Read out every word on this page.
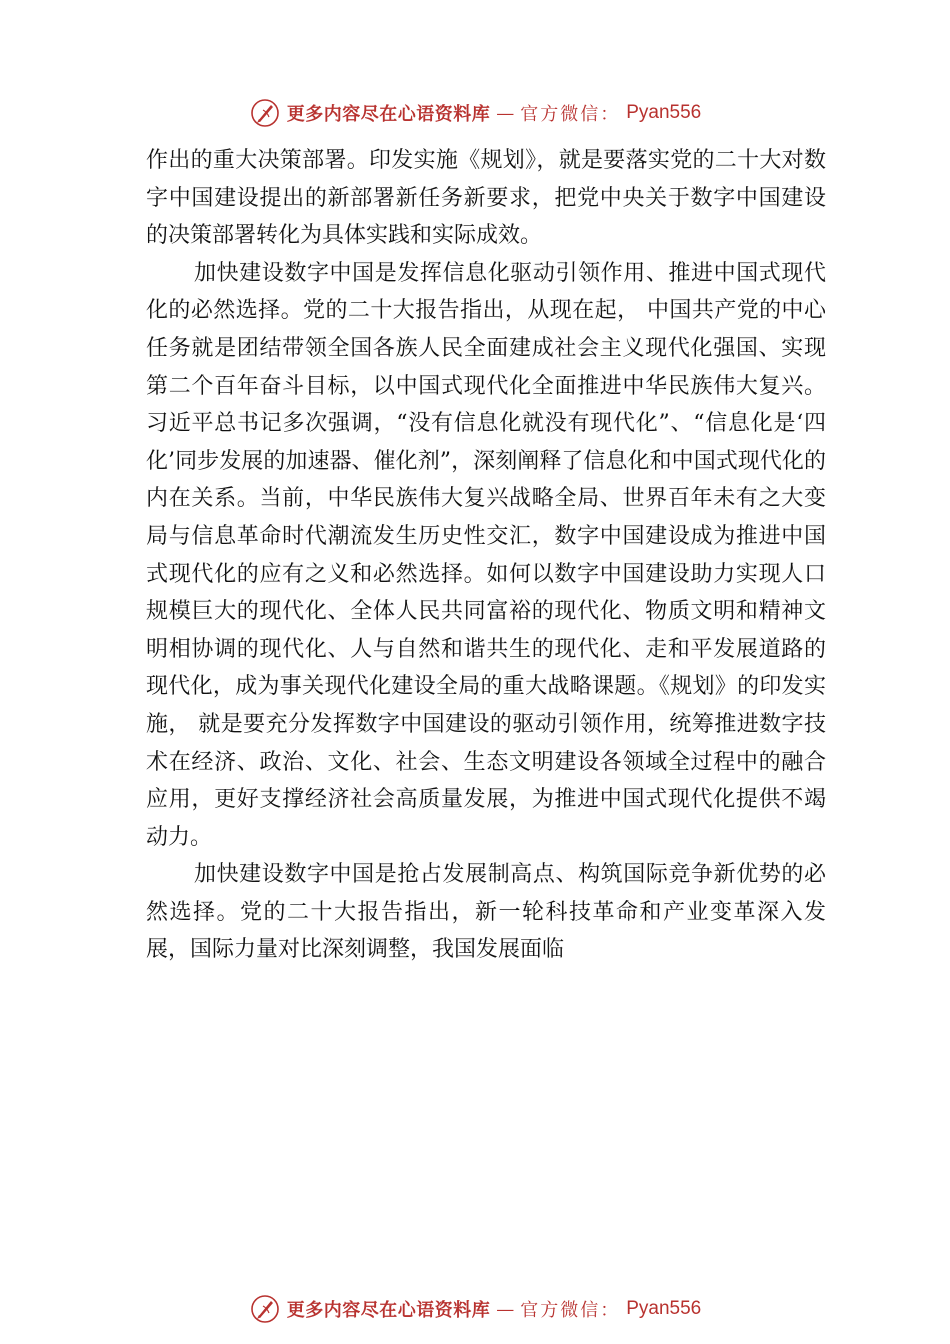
更多内容尽在心语资料库 — 官方微信： Pyan556

作出的重大决策部署。印发实施《规划》，就是要落实党的二十大对数字中国建设提出的新部署新任务新要求，把党中央关于数字中国建设的决策部署转化为具体实践和实际成效。

加快建设数字中国是发挥信息化驱动引领作用、推进中国式现代化的必然选择。党的二十大报告指出，从现在起， 中国共产党的中心任务就是团结带领全国各族人民全面建成社会主义现代化强国、实现第二个百年奋斗目标，以中国式现代化全面推进中华民族伟大复兴。习近平总书记多次强调，“没有信息化就没有现代化”、“信息化是‘四化’同步发展的加速器、催化剂”，深刻阐释了信息化和中国式现代化的内在关系。当前，中华民族伟大复兴战略全局、世界百年未有之大变局与信息革命时代潮流发生历史性交汇，数字中国建设成为推进中国式现代化的应有之义和必然选择。如何以数字中国建设助力实现人口规模巨大的现代化、全体人民共同富裕的现代化、物质文明和精神文明相协调的现代化、人与自然和谐共生的现代化、走和平发展道路的现代化，成为事关现代化建设全局的重大战略课题。《规划》的印发实施， 就是要充分发挥数字中国建设的驱动引领作用，统筹推进数字技术在经济、政治、文化、社会、生态文明建设各领域全过程中的融合应用，更好支撑经济社会高质量发展，为推进中国式现代化提供不竭动力。

加快建设数字中国是抢占发展制高点、构筑国际竞争新优势的必然选择。党的二十大报告指出，新一轮科技革命和产业变革深入发展，国际力量对比深刻调整，我国发展面临

更多内容尽在心语资料库 — 官方微信： Pyan556
